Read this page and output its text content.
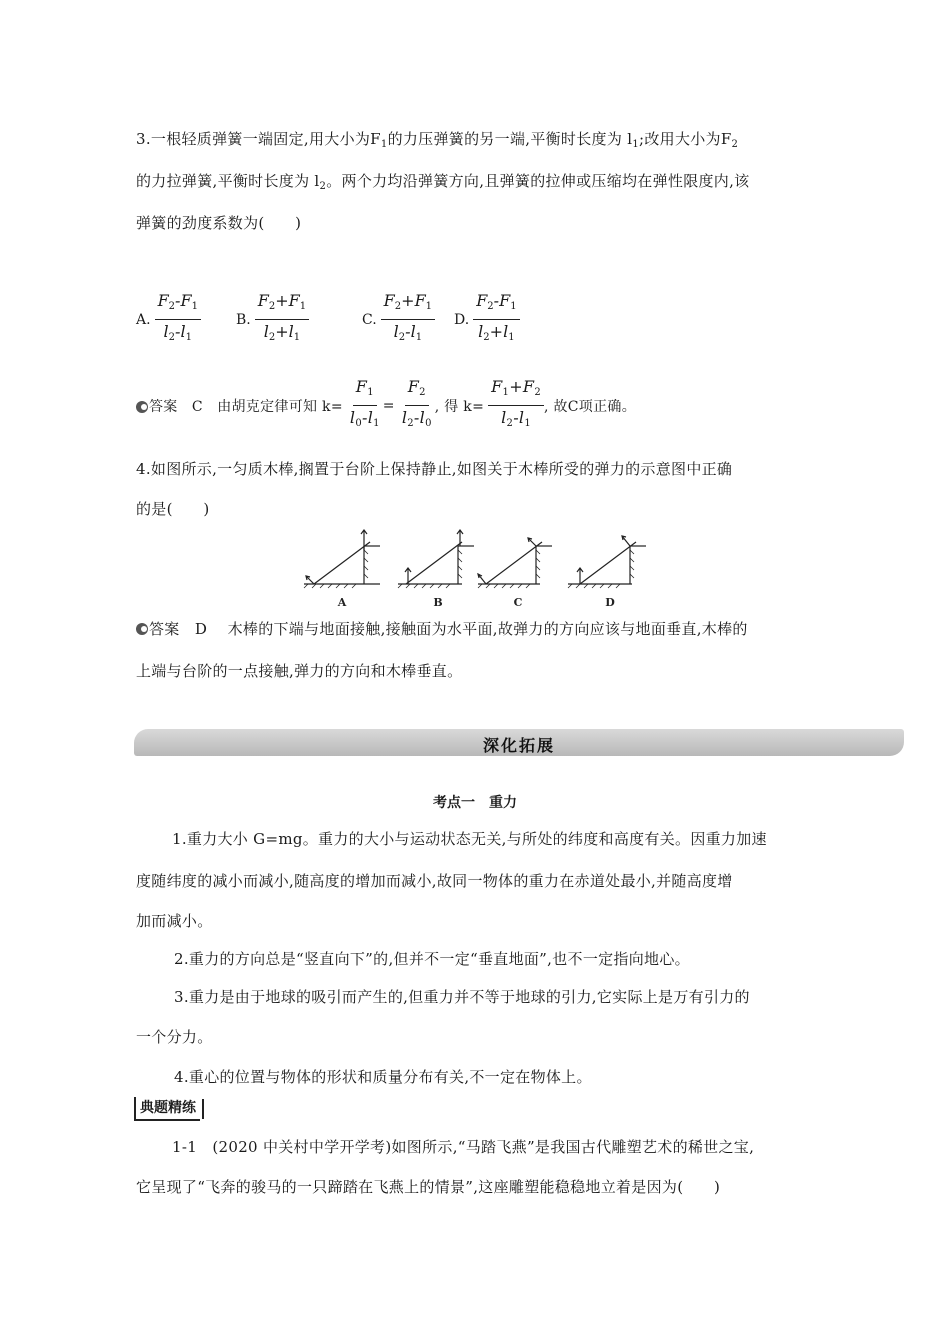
3.一根轻质弹簧一端固定,用大小为$F_1$的力压弹簧的另一端,平衡时长度为 $l_1$;改用大小为$F_2$
的力拉弹簧,平衡时长度为 $l_2$。两个力均沿弹簧方向,且弹簧的拉伸或压缩均在弹性限度内,该
弹簧的劲度系数为(　　)
A. $\frac{F2-F1}{l2-l1}$	B. $\frac{F2+F1}{l2+l1}$	C. $\frac{F2+F1}{l2-l1} D$. $\frac{F2-F1}{l2+l1}$
答案　C　由胡克定律可知 $k= \frac{F1}{l0-l1} = \frac{F2}{l2-l0}$ , 得 $k= \frac{F1+F2}{l2-l1}$ , 故C项正确。
4.如图所示,一匀质木棒,搁置于台阶上保持静止,如图关于木棒所受的弹力的示意图中正确
的是(　　)
A	B	C	D
答案　D　 木棒的下端与地面接触,接触面为水平面,故弹力的方向应该与地面垂直,木棒的
上端与台阶的一点接触,弹力的方向和木棒垂直。
深化拓展
考点一　重力
1.重力大小 G=mg。重力的大小与运动状态无关,与所处的纬度和高度有关。因重力加速
度随纬度的减小而减小,随高度的增加而减小,故同一物体的重力在赤道处最小,并随高度增
加而减小。
2.重力的方向总是“竖直向下”的,但并不一定“垂直地面”,也不一定指向地心。
3.重力是由于地球的吸引而产生的,但重力并不等于地球的引力,它实际上是万有引力的
一个分力。
4.重心的位置与物体的形状和质量分布有关,不一定在物体上。
典题精练
1-1　(2020 中关村中学开学考)如图所示,“马踏飞燕”是我国古代雕塑艺术的稀世之宝,
它呈现了“飞奔的骏马的一只蹄踏在飞燕上的情景”,这座雕塑能稳稳地立着是因为(　　)
